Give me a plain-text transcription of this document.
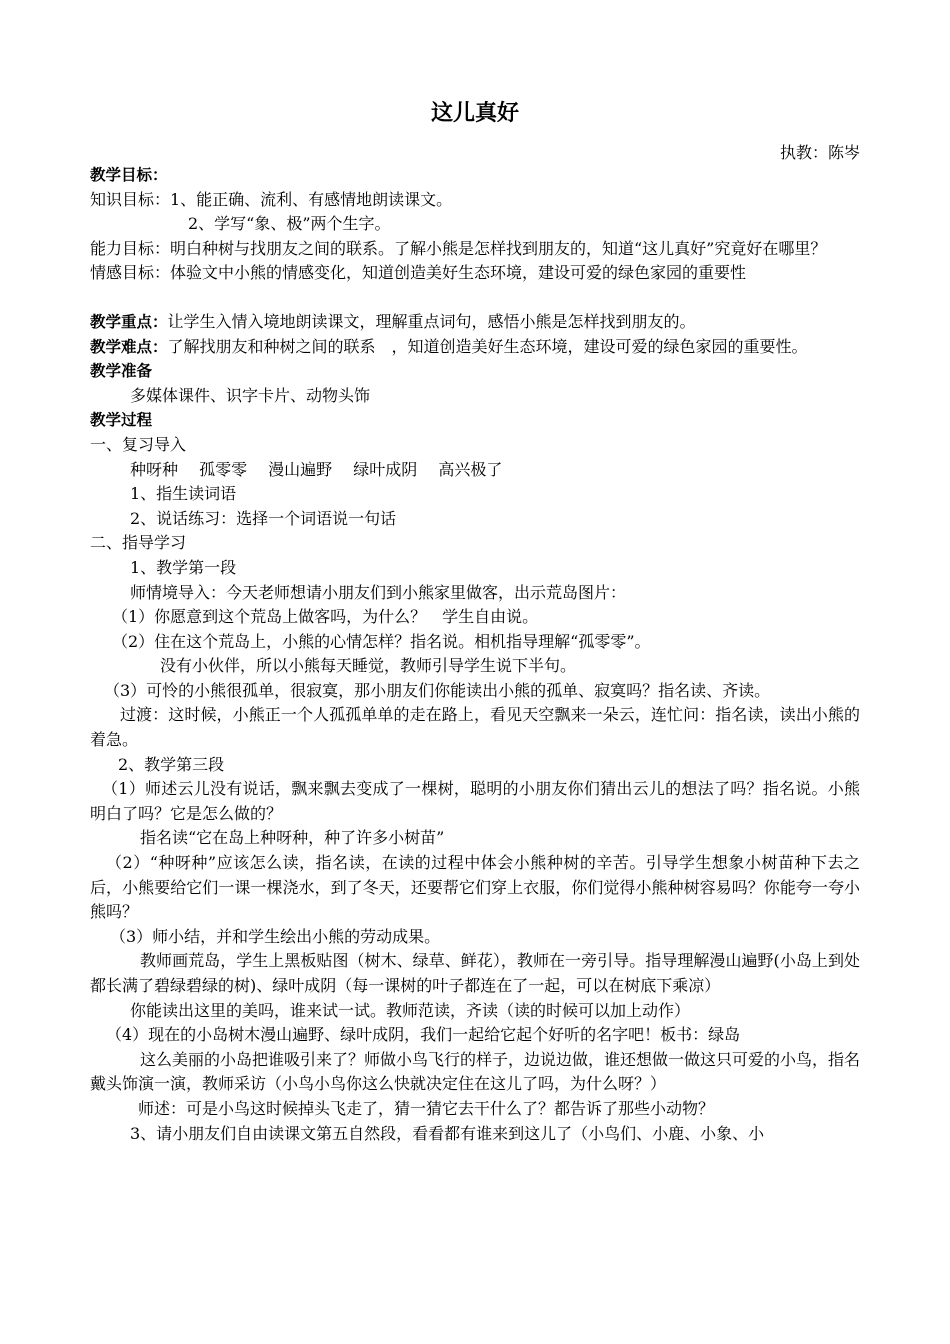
这儿真好
执教：陈岑

教学目标：

知识目标：1、能正确、流利、有感情地朗读课文。

2、学写“象、极”两个生字。

能力目标：明白种树与找朋友之间的联系。了解小熊是怎样找到朋友的，知道“这儿真好”究竟好在哪里？

情感目标：体验文中小熊的情感变化，知道创造美好生态环境，建设可爱的绿色家园的重要性

教学重点：让学生入情入境地朗读课文，理解重点词句，感悟小熊是怎样找到朋友的。

教学难点：了解找朋友和种树之间的联系　，知道创造美好生态环境，建设可爱的绿色家园的重要性。

教学准备

多媒体课件、识字卡片、动物头饰

教学过程

一、复习导入

种呀种　 孤零零　 漫山遍野　 绿叶成阴　 高兴极了

1、指生读词语

2、说话练习：选择一个词语说一句话

二、指导学习

1、教学第一段

师情境导入：今天老师想请小朋友们到小熊家里做客，出示荒岛图片：

（1）你愿意到这个荒岛上做客吗，为什么？　学生自由说。

（2）住在这个荒岛上，小熊的心情怎样？指名说。相机指导理解“孤零零”。

没有小伙伴，所以小熊每天睡觉，教师引导学生说下半句。

（3）可怜的小熊很孤单，很寂寞，那小朋友们你能读出小熊的孤单、寂寞吗？指名读、齐读。

过渡：这时候，小熊正一个人孤孤单单的走在路上，看见天空飘来一朵云，连忙问：指名读，读出小熊的着急。

2、教学第三段

（1）师述云儿没有说话，飘来飘去变成了一棵树，聪明的小朋友你们猜出云儿的想法了吗？指名说。小熊明白了吗？它是怎么做的？

指名读“它在岛上种呀种，种了许多小树苗”

（2）“种呀种”应该怎么读，指名读，在读的过程中体会小熊种树的辛苦。引导学生想象小树苗种下去之后，小熊要给它们一课一棵浇水，到了冬天，还要帮它们穿上衣服，你们觉得小熊种树容易吗？你能夸一夸小熊吗？

（3）师小结，并和学生绘出小熊的劳动成果。

教师画荒岛，学生上黑板贴图（树木、绿草、鲜花），教师在一旁引导。指导理解漫山遍野(小岛上到处都长满了碧绿碧绿的树)、绿叶成阴（每一课树的叶子都连在了一起，可以在树底下乘凉）

你能读出这里的美吗，谁来试一试。教师范读，齐读（读的时候可以加上动作）

（4）现在的小岛树木漫山遍野、绿叶成阴，我们一起给它起个好听的名字吧！板书：绿岛

这么美丽的小岛把谁吸引来了？师做小鸟飞行的样子，边说边做，谁还想做一做这只可爱的小鸟，指名戴头饰演一演，教师采访（小鸟小鸟你这么快就决定住在这儿了吗，为什么呀？）

师述：可是小鸟这时候掉头飞走了，猜一猜它去干什么了？都告诉了那些小动物？

3、请小朋友们自由读课文第五自然段，看看都有谁来到这儿了（小鸟们、小鹿、小象、小
